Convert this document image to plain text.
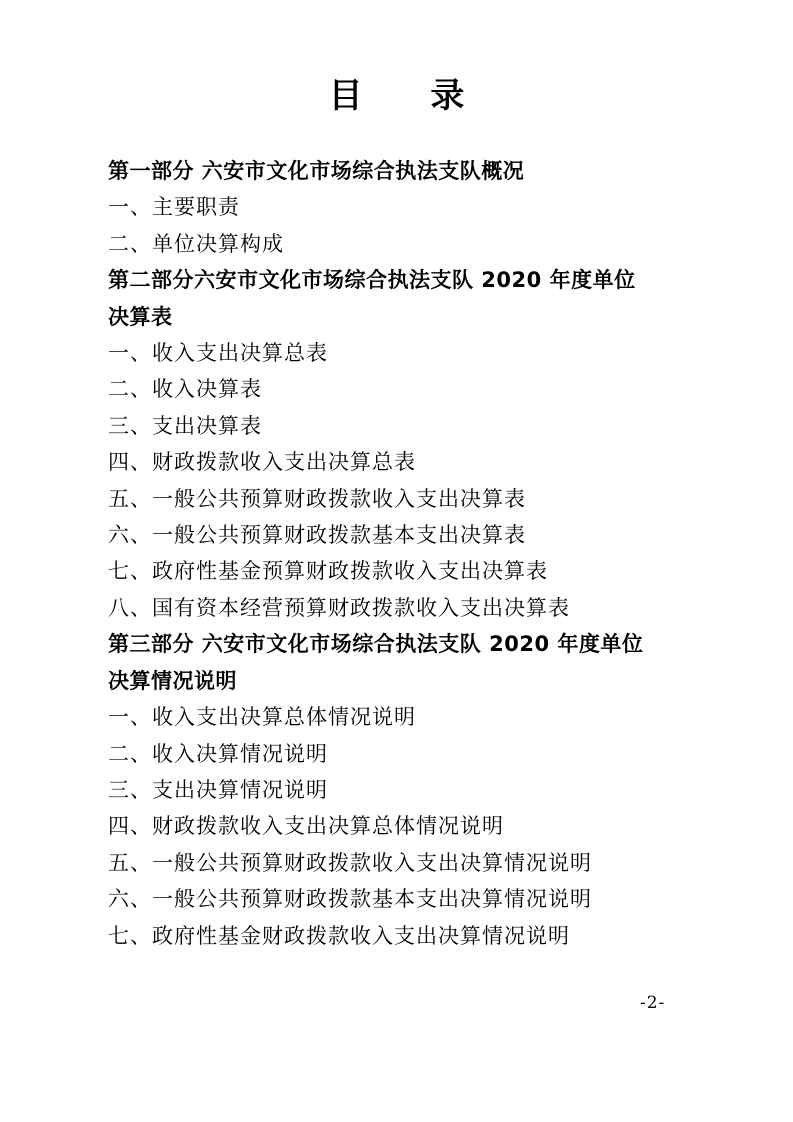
目 录
第一部分 六安市文化市场综合执法支队概况
一、主要职责
二、单位决算构成
第二部分六安市文化市场综合执法支队 2020 年度单位
决算表
一、收入支出决算总表
二、收入决算表
三、支出决算表
四、财政拨款收入支出决算总表
五、一般公共预算财政拨款收入支出决算表
六、一般公共预算财政拨款基本支出决算表
七、政府性基金预算财政拨款收入支出决算表
八、国有资本经营预算财政拨款收入支出决算表
第三部分 六安市文化市场综合执法支队 2020 年度单位
决算情况说明
一、收入支出决算总体情况说明
二、收入决算情况说明
三、支出决算情况说明
四、财政拨款收入支出决算总体情况说明
五、一般公共预算财政拨款收入支出决算情况说明
六、一般公共预算财政拨款基本支出决算情况说明
七、政府性基金财政拨款收入支出决算情况说明
-2-
